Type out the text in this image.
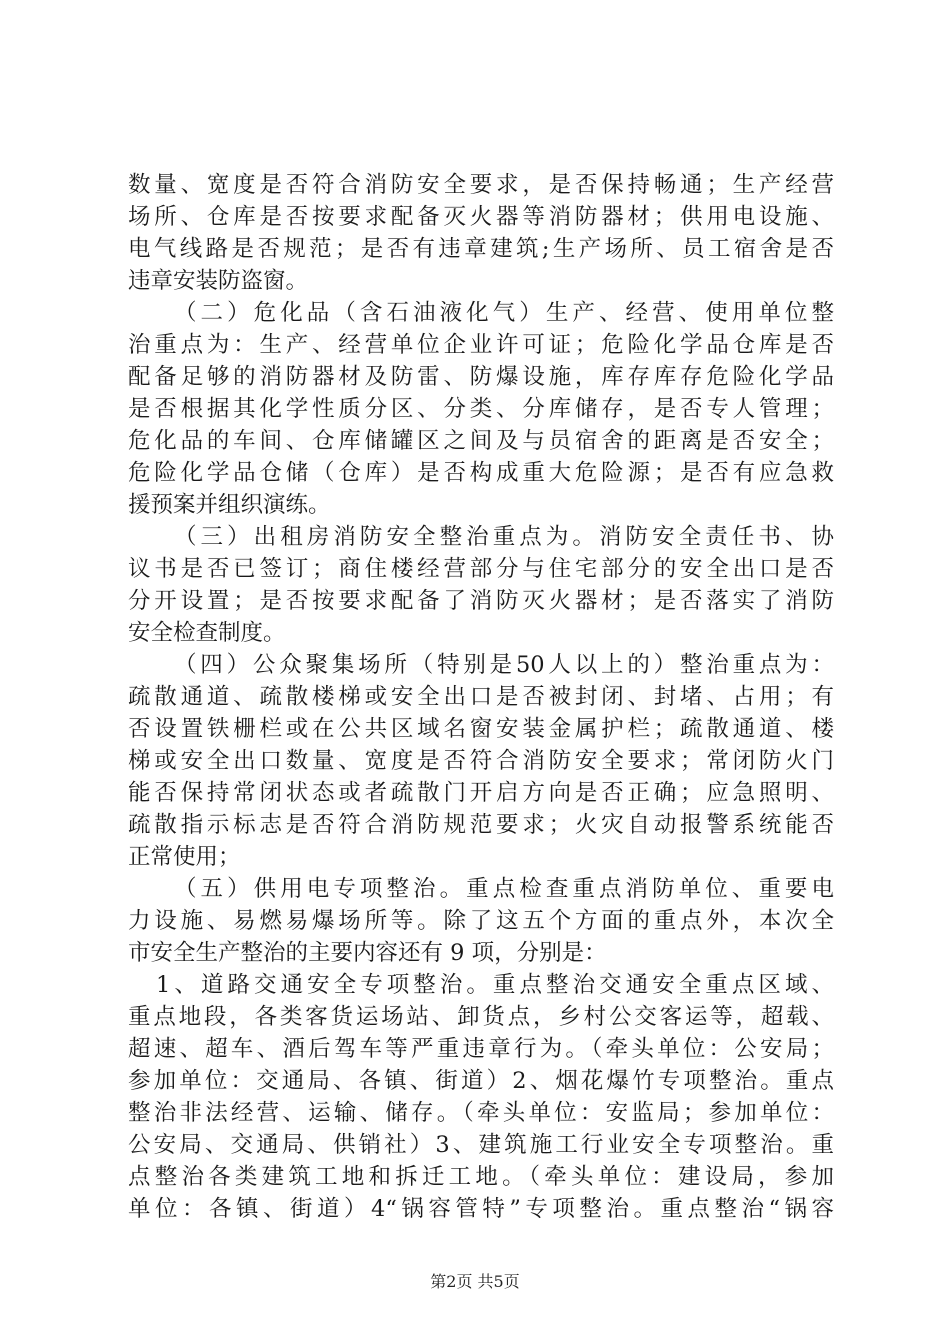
数量、宽度是否符合消防安全要求，是否保持畅通；生产经营
场所、仓库是否按要求配备灭火器等消防器材；供用电设施、
电气线路是否规范；是否有违章建筑;生产场所、员工宿舍是否
违章安装防盗窗。
（二）危化品（含石油液化气）生产、经营、使用单位整
治重点为：生产、经营单位企业许可证；危险化学品仓库是否
配备足够的消防器材及防雷、防爆设施，库存库存危险化学品
是否根据其化学性质分区、分类、分库储存，是否专人管理；
危化品的车间、仓库储罐区之间及与员宿舍的距离是否安全；
危险化学品仓储（仓库）是否构成重大危险源；是否有应急救
援预案并组织演练。
（三）出租房消防安全整治重点为。消防安全责任书、协
议书是否已签订；商住楼经营部分与住宅部分的安全出口是否
分开设置；是否按要求配备了消防灭火器材；是否落实了消防
安全检查制度。
（四）公众聚集场所（特别是50人以上的）整治重点为：
疏散通道、疏散楼梯或安全出口是否被封闭、封堵、占用；有
否设置铁栅栏或在公共区域名窗安装金属护栏；疏散通道、楼
梯或安全出口数量、宽度是否符合消防安全要求；常闭防火门
能否保持常闭状态或者疏散门开启方向是否正确；应急照明、
疏散指示标志是否符合消防规范要求；火灾自动报警系统能否
正常使用；
（五）供用电专项整治。重点检查重点消防单位、重要电
力设施、易燃易爆场所等。除了这五个方面的重点外，本次全
市安全生产整治的主要内容还有 9 项，分别是：
1、道路交通安全专项整治。重点整治交通安全重点区域、
重点地段，各类客货运场站、卸货点，乡村公交客运等，超载、
超速、超车、酒后驾车等严重违章行为。（牵头单位：公安局；
参加单位：交通局、各镇、街道）2、烟花爆竹专项整治。重点
整治非法经营、运输、储存。（牵头单位：安监局；参加单位：
公安局、交通局、供销社）3、建筑施工行业安全专项整治。重
点整治各类建筑工地和拆迁工地。（牵头单位：建设局，参加
单位：各镇、街道）4“锅容管特”专项整治。重点整治“锅容
第2页 共5页
